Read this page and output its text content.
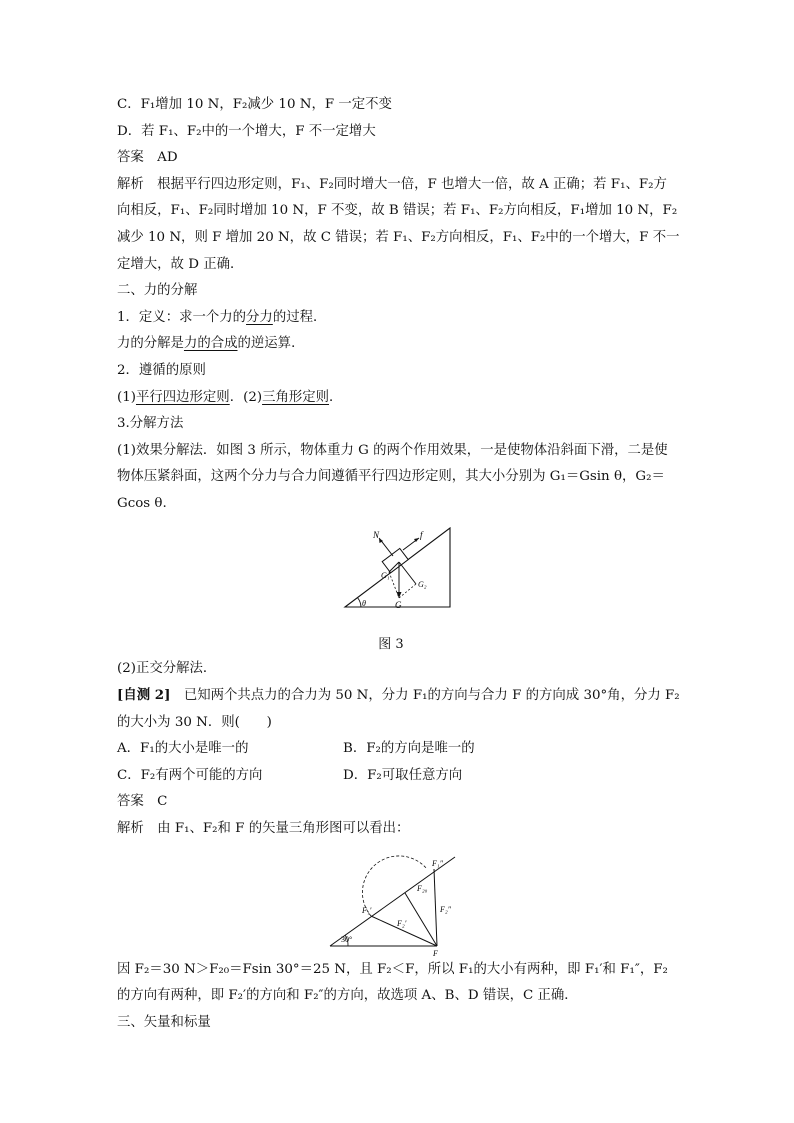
C．F₁增加 10 N，F₂减少 10 N，F 一定不变
D．若 F₁、F₂中的一个增大，F 不一定增大
答案　AD
解析　根据平行四边形定则，F₁、F₂同时增大一倍，F 也增大一倍，故 A 正确；若 F₁、F₂方
向相反，F₁、F₂同时增加 10 N，F 不变，故 B 错误；若 F₁、F₂方向相反，F₁增加 10 N，F₂
减少 10 N，则 F 增加 20 N，故 C 错误；若 F₁、F₂方向相反，F₁、F₂中的一个增大，F 不一
定增大，故 D 正确．
二、力的分解
1．定义：求一个力的分力的过程．
力的分解是力的合成的逆运算．
2．遵循的原则
(1)平行四边形定则．(2)三角形定则．
3.分解方法
(1)效果分解法．如图 3 所示，物体重力 G 的两个作用效果，一是使物体沿斜面下滑，二是使
物体压紧斜面，这两个分力与合力间遵循平行四边形定则，其大小分别为 G₁＝Gsin θ，G₂＝
Gcos θ.
N	f
G₁
G₂
G
θ
图 3
(2)正交分解法．
[自测 2]　已知两个共点力的合力为 50 N，分力 F₁的方向与合力 F 的方向成 30°角，分力 F₂
的大小为 30 N．则(　　)
A．F₁的大小是唯一的	B．F₂的方向是唯一的
C．F₂有两个可能的方向	D．F₂可取任意方向
答案　C
解析　由 F₁、F₂和 F 的矢量三角形图可以看出：
F₁″
F₁′
F₂′
F₂″
F₂₀
F
30°
因 F₂＝30 N＞F₂₀＝Fsin 30°＝25 N，且 F₂＜F，所以 F₁的大小有两种，即 F₁′和 F₁″，F₂
的方向有两种，即 F₂′的方向和 F₂″的方向，故选项 A、B、D 错误，C 正确．
三、矢量和标量
